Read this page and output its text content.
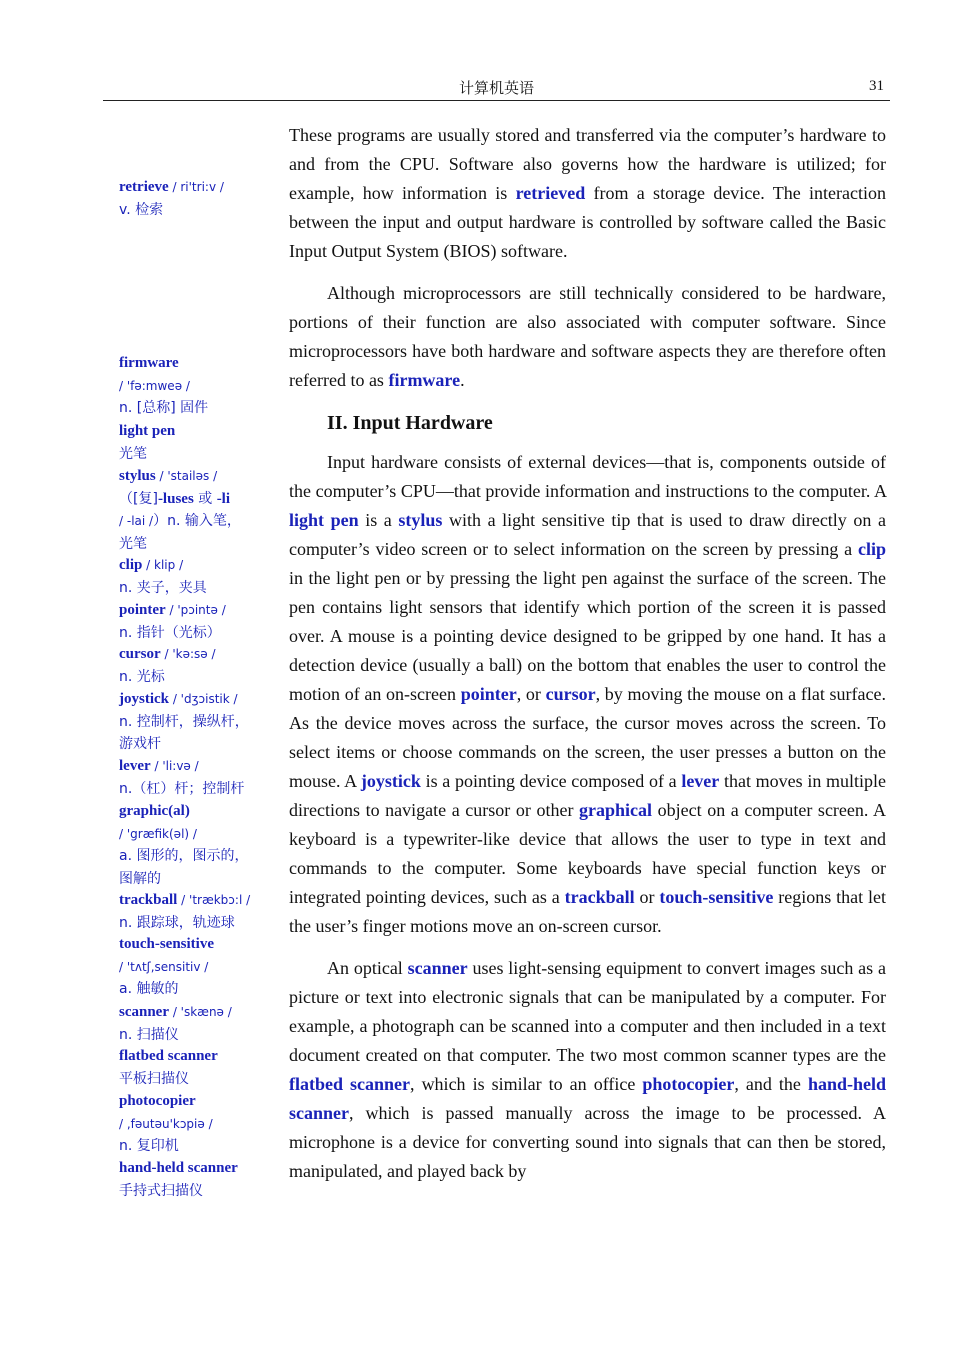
计算机英语	31
retrieve / ri'tri:v /
v. 检索
firmware
/ 'fə:mweə /
n. [总称] 固件
light pen
光笔
stylus / 'stailəs /
（[复]-luses 或 -li
/ -lai /）n. 输入笔，
光笔
clip / klip /
n. 夹子，夹具
pointer / 'pɔintə /
n. 指针（光标）
cursor / 'kə:sə /
n. 光标
joystick / 'dʒɔistik /
n. 控制杆，操纵杆，
游戏杆
lever / 'li:və /
n.（杠）杆；控制杆
graphic(al)
/ 'græfik(əl) /
a. 图形的，图示的，
图解的
trackball / 'trækbɔ:l /
n. 跟踪球，轨迹球
touch-sensitive
/ 'tʌtʃ,sensitiv /
a. 触敏的
scanner / 'skænə /
n. 扫描仪
flatbed scanner
平板扫描仪
photocopier
/ ,fəutəu'kɔpiə /
n. 复印机
hand-held scanner
手持式扫描仪

These programs are usually stored and transferred via the computer’s hardware to and from the CPU. Software also governs how the hardware is utilized; for example, how information is retrieved from a storage device. The interaction between the input and output hardware is controlled by software called the Basic Input Output System (BIOS) software.

Although microprocessors are still technically considered to be hardware, portions of their function are also associated with computer software. Since microprocessors have both hardware and software aspects they are therefore often referred to as firmware.

II. Input Hardware

Input hardware consists of external devices—that is, components outside of the computer’s CPU—that provide information and instructions to the computer. A light pen is a stylus with a light sensitive tip that is used to draw directly on a computer’s video screen or to select information on the screen by pressing a clip in the light pen or by pressing the light pen against the surface of the screen. The pen contains light sensors that identify which portion of the screen it is passed over. A mouse is a pointing device designed to be gripped by one hand. It has a detection device (usually a ball) on the bottom that enables the user to control the motion of an on-screen pointer, or cursor, by moving the mouse on a flat surface. As the device moves across the surface, the cursor moves across the screen. To select items or choose commands on the screen, the user presses a button on the mouse. A joystick is a pointing device composed of a lever that moves in multiple directions to navigate a cursor or other graphical object on a computer screen. A keyboard is a typewriter-like device that allows the user to type in text and commands to the computer. Some keyboards have special function keys or integrated pointing devices, such as a trackball or touch-sensitive regions that let the user’s finger motions move an on-screen cursor.

An optical scanner uses light-sensing equipment to convert images such as a picture or text into electronic signals that can be manipulated by a computer. For example, a photograph can be scanned into a computer and then included in a text document created on that computer. The two most common scanner types are the flatbed scanner, which is similar to an office photocopier, and the hand-held scanner, which is passed manually across the image to be processed. A microphone is a device for converting sound into signals that can then be stored, manipulated, and played back by
